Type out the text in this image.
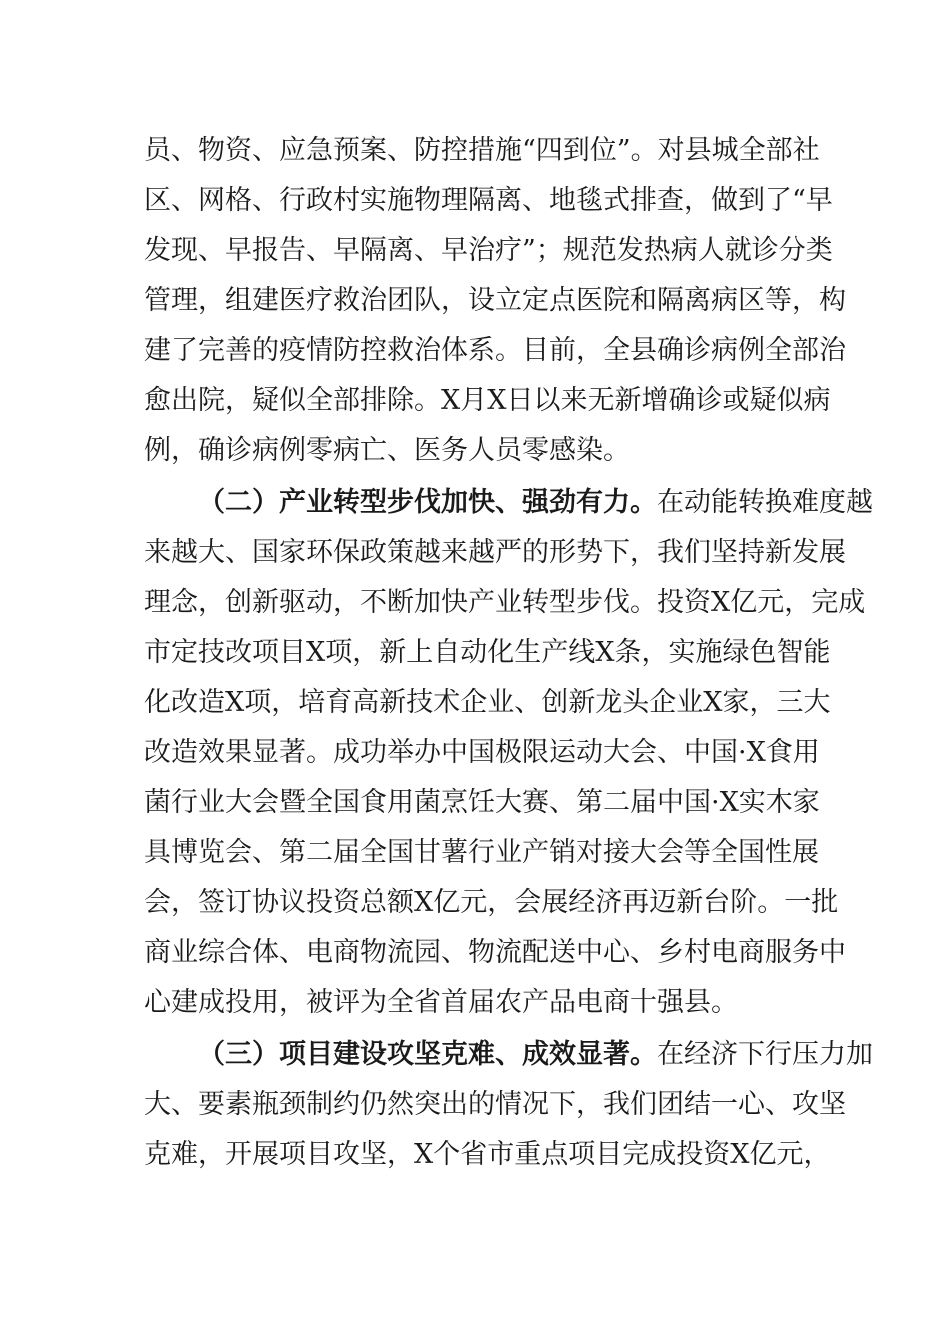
员、物资、应急预案、防控措施“四到位”。对县城全部社
区、网格、行政村实施物理隔离、地毯式排查，做到了“早
发现、早报告、早隔离、早治疗”；规范发热病人就诊分类
管理，组建医疗救治团队，设立定点医院和隔离病区等，构
建了完善的疫情防控救治体系。目前，全县确诊病例全部治
愈出院，疑似全部排除。X月X日以来无新增确诊或疑似病
例，确诊病例零病亡、医务人员零感染。
（二）产业转型步伐加快、强劲有力。在动能转换难度越
来越大、国家环保政策越来越严的形势下，我们坚持新发展
理念，创新驱动，不断加快产业转型步伐。投资X亿元，完成
市定技改项目X项，新上自动化生产线X条，实施绿色智能
化改造X项，培育高新技术企业、创新龙头企业X家，三大
改造效果显著。成功举办中国极限运动大会、中国·X食用
菌行业大会暨全国食用菌烹饪大赛、第二届中国·X实木家
具博览会、第二届全国甘薯行业产销对接大会等全国性展
会，签订协议投资总额X亿元，会展经济再迈新台阶。一批
商业综合体、电商物流园、物流配送中心、乡村电商服务中
心建成投用，被评为全省首届农产品电商十强县。
（三）项目建设攻坚克难、成效显著。在经济下行压力加
大、要素瓶颈制约仍然突出的情况下，我们团结一心、攻坚
克难，开展项目攻坚，X个省市重点项目完成投资X亿元，
